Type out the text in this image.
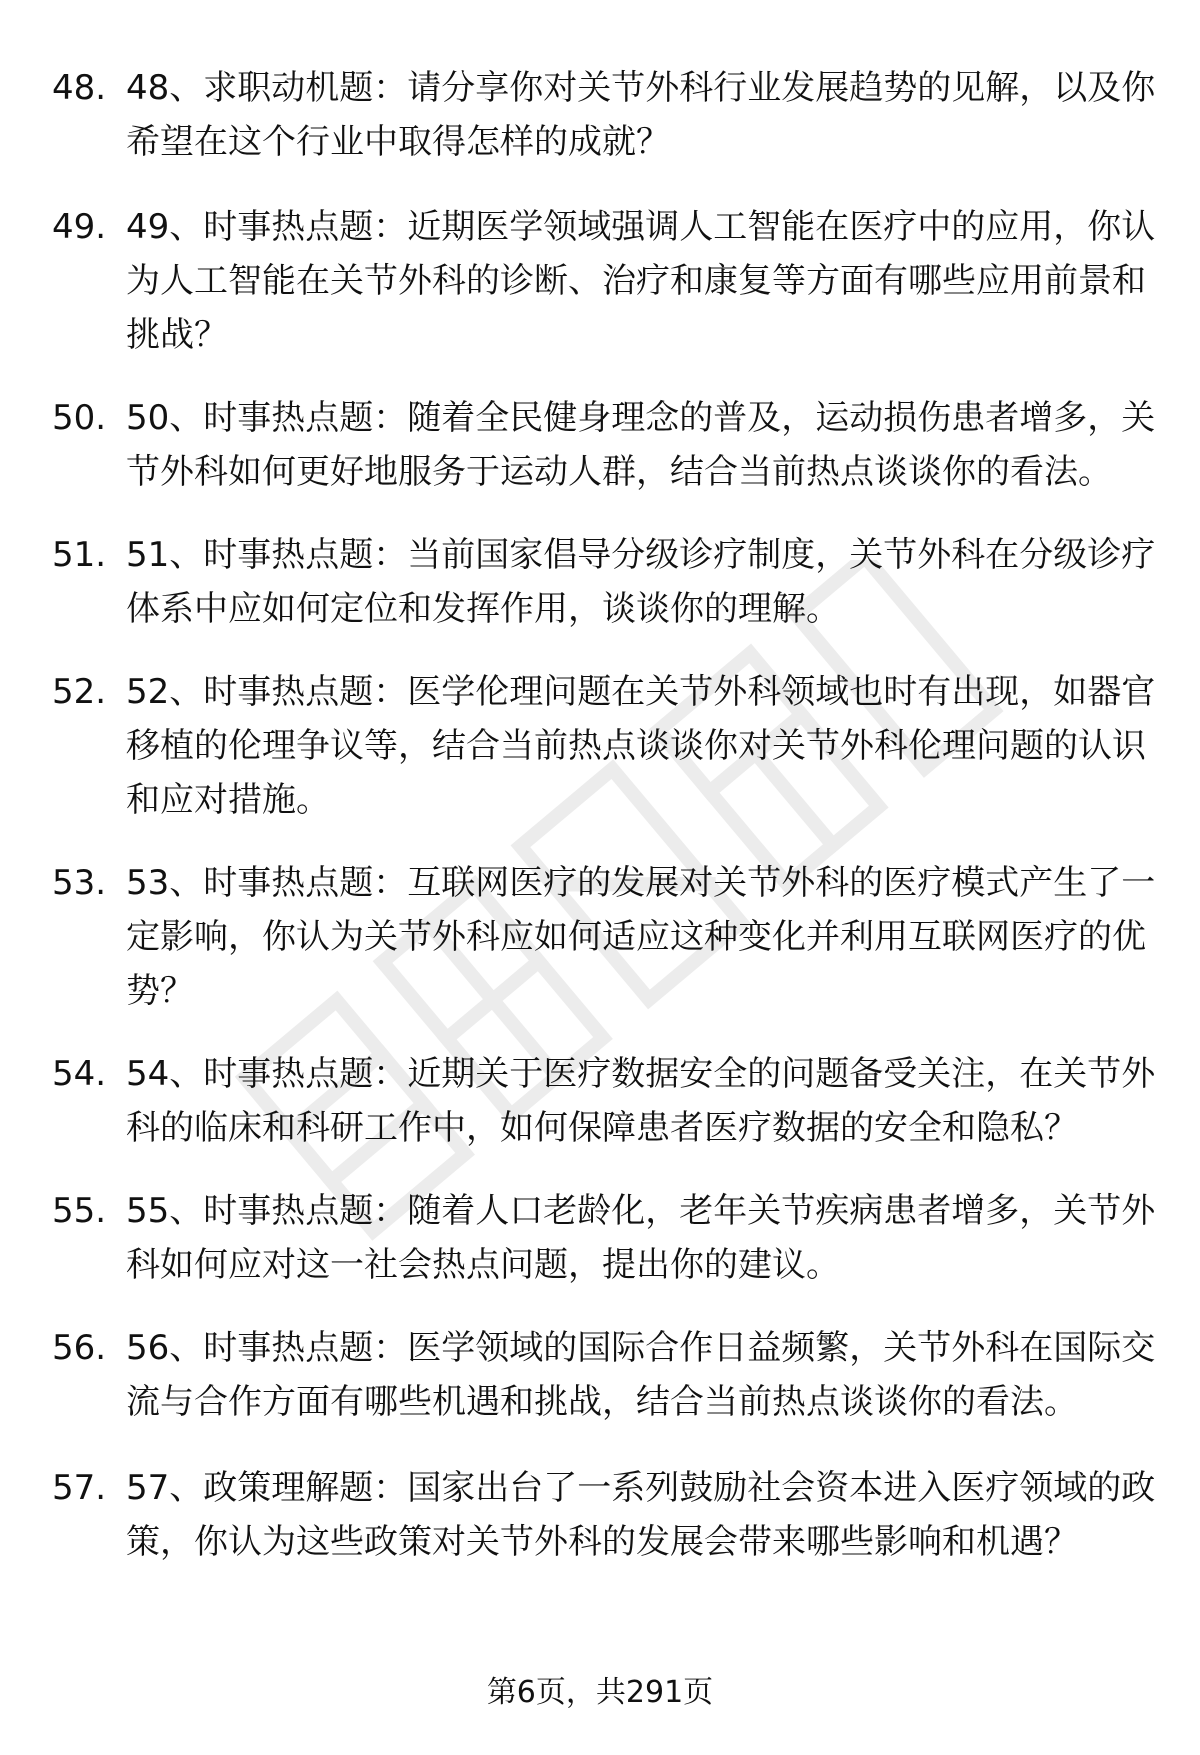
48. 48、求职动机题：请分享你对关节外科行业发展趋势的见解，以及你希望在这个行业中取得怎样的成就？
49. 49、时事热点题：近期医学领域强调人工智能在医疗中的应用，你认为人工智能在关节外科的诊断、治疗和康复等方面有哪些应用前景和挑战？
50. 50、时事热点题：随着全民健身理念的普及，运动损伤患者增多，关节外科如何更好地服务于运动人群，结合当前热点谈谈你的看法。
51. 51、时事热点题：当前国家倡导分级诊疗制度，关节外科在分级诊疗体系中应如何定位和发挥作用，谈谈你的理解。
52. 52、时事热点题：医学伦理问题在关节外科领域也时有出现，如器官移植的伦理争议等，结合当前热点谈谈你对关节外科伦理问题的认识和应对措施。
53. 53、时事热点题：互联网医疗的发展对关节外科的医疗模式产生了一定影响，你认为关节外科应如何适应这种变化并利用互联网医疗的优势？
54. 54、时事热点题：近期关于医疗数据安全的问题备受关注，在关节外科的临床和科研工作中，如何保障患者医疗数据的安全和隐私？
55. 55、时事热点题：随着人口老龄化，老年关节疾病患者增多，关节外科如何应对这一社会热点问题，提出你的建议。
56. 56、时事热点题：医学领域的国际合作日益频繁，关节外科在国际交流与合作方面有哪些机遇和挑战，结合当前热点谈谈你的看法。
57. 57、政策理解题：国家出台了一系列鼓励社会资本进入医疗领域的政策，你认为这些政策对关节外科的发展会带来哪些影响和机遇？
第6页，共291页
